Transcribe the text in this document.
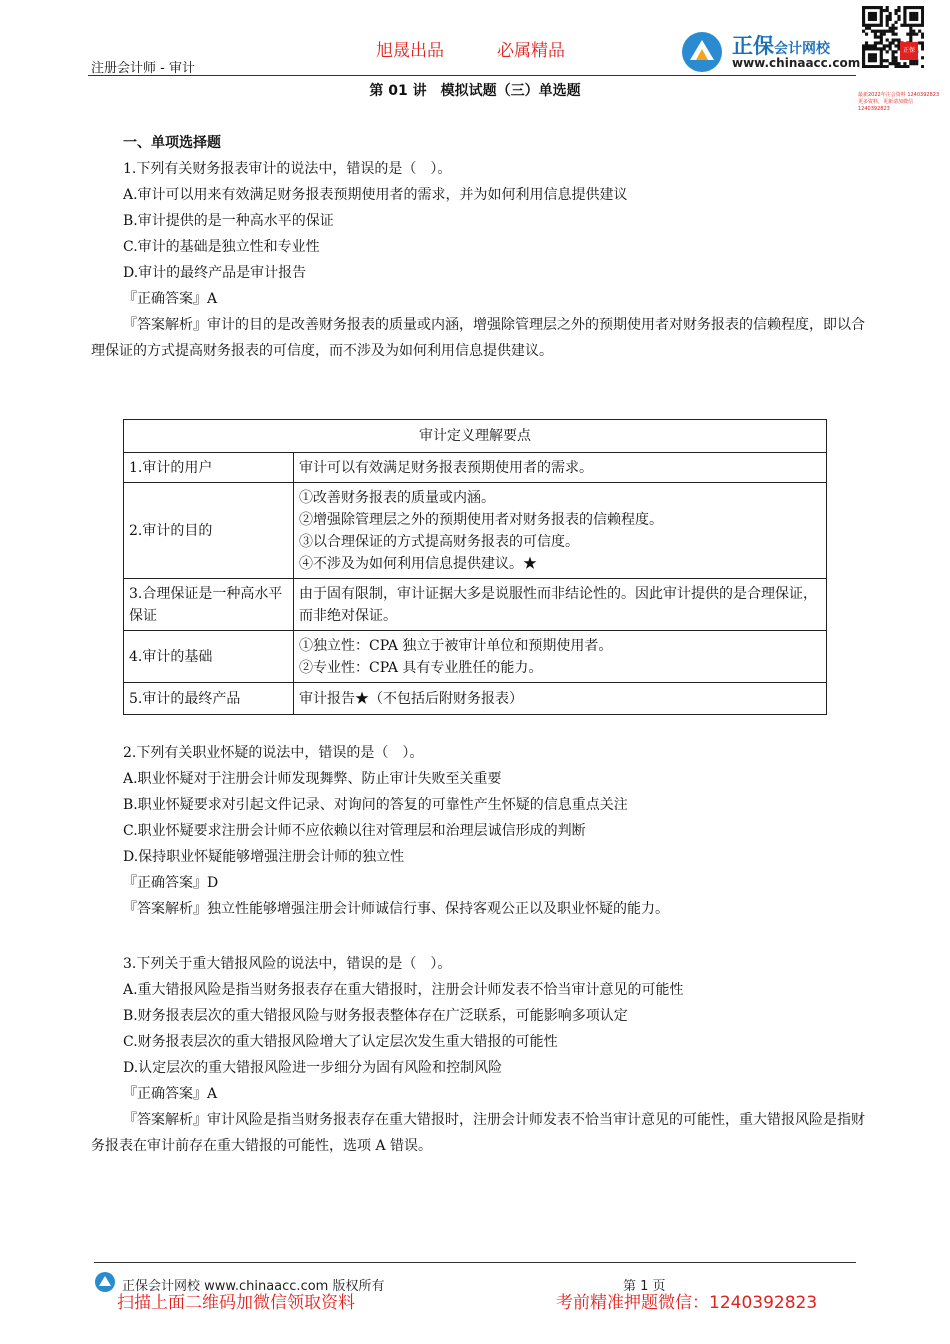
注册会计师 - 审计
旭晟出品	必属精品	正保会计网校
www.chinaacc.com
正保
最新2022年注会资料 1240392823
更多资料，更新请加微信 1240392823
第 01 讲　模拟试题（三）单选题
一、单项选择题
1.下列有关财务报表审计的说法中，错误的是（　）。
A.审计可以用来有效满足财务报表预期使用者的需求，并为如何利用信息提供建议
B.审计提供的是一种高水平的保证
C.审计的基础是独立性和专业性
D.审计的最终产品是审计报告
『正确答案』A
『答案解析』审计的目的是改善财务报表的质量或内涵，增强除管理层之外的预期使用者对财务报表的信赖程度，即以合理保证的方式提高财务报表的可信度，而不涉及为如何利用信息提供建议。
审计定义理解要点	
1.审计的用户	审计可以有效满足财务报表预期使用者的需求。

2.审计的目的	①改善财务报表的质量或内涵。
②增强除管理层之外的预期使用者对财务报表的信赖程度。
③以合理保证的方式提高财务报表的可信度。
④不涉及为如何利用信息提供建议。★

3.合理保证是一种高水平保证	由于固有限制，审计证据大多是说服性而非结论性的。因此审计提供的是合理保证，而非绝对保证。

4.审计的基础	①独立性：CPA 独立于被审计单位和预期使用者。
②专业性：CPA 具有专业胜任的能力。

5.审计的最终产品	审计报告★（不包括后附财务报表）
2.下列有关职业怀疑的说法中，错误的是（　）。
A.职业怀疑对于注册会计师发现舞弊、防止审计失败至关重要
B.职业怀疑要求对引起文件记录、对询问的答复的可靠性产生怀疑的信息重点关注
C.职业怀疑要求注册会计师不应依赖以往对管理层和治理层诚信形成的判断
D.保持职业怀疑能够增强注册会计师的独立性
『正确答案』D
『答案解析』独立性能够增强注册会计师诚信行事、保持客观公正以及职业怀疑的能力。
3.下列关于重大错报风险的说法中，错误的是（　）。
A.重大错报风险是指当财务报表存在重大错报时，注册会计师发表不恰当审计意见的可能性
B.财务报表层次的重大错报风险与财务报表整体存在广泛联系，可能影响多项认定
C.财务报表层次的重大错报风险增大了认定层次发生重大错报的可能性
D.认定层次的重大错报风险进一步细分为固有风险和控制风险
『正确答案』A
『答案解析』审计风险是指当财务报表存在重大错报时，注册会计师发表不恰当审计意见的可能性，重大错报风险是指财务报表在审计前存在重大错报的可能性，选项 A 错误。
正保会计网校 www.chinaacc.com 版权所有	第 1 页
扫描上面二维码加微信领取资料	考前精准押题微信：1240392823
